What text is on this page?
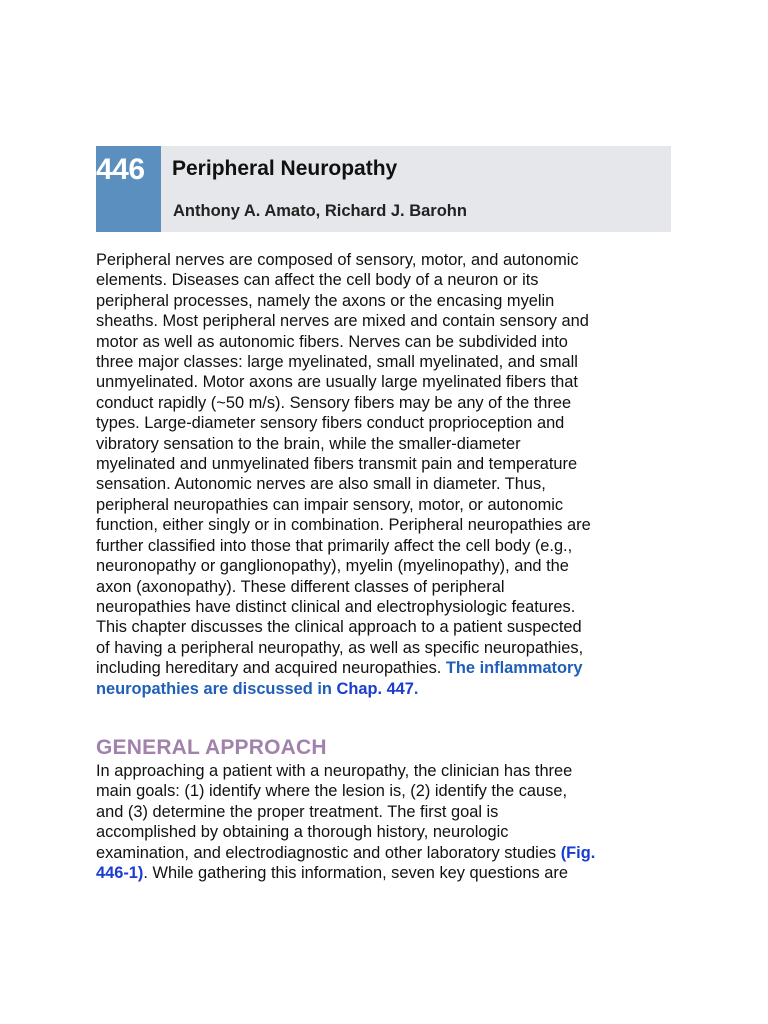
446	Peripheral Neuropathy
Anthony A. Amato, Richard J. Barohn
Peripheral nerves are composed of sensory, motor, and autonomic
elements. Diseases can affect the cell body of a neuron or its
peripheral processes, namely the axons or the encasing myelin
sheaths. Most peripheral nerves are mixed and contain sensory and
motor as well as autonomic fibers. Nerves can be subdivided into
three major classes: large myelinated, small myelinated, and small
unmyelinated. Motor axons are usually large myelinated fibers that
conduct rapidly (~50 m/s). Sensory fibers may be any of the three
types. Large-diameter sensory fibers conduct proprioception and
vibratory sensation to the brain, while the smaller-diameter
myelinated and unmyelinated fibers transmit pain and temperature
sensation. Autonomic nerves are also small in diameter. Thus,
peripheral neuropathies can impair sensory, motor, or autonomic
function, either singly or in combination. Peripheral neuropathies are
further classified into those that primarily affect the cell body (e.g.,
neuronopathy or ganglionopathy), myelin (myelinopathy), and the
axon (axonopathy). These different classes of peripheral
neuropathies have distinct clinical and electrophysiologic features.
This chapter discusses the clinical approach to a patient suspected
of having a peripheral neuropathy, as well as specific neuropathies,
including hereditary and acquired neuropathies. The inflammatory
neuropathies are discussed in Chap. 447.
GENERAL APPROACH
In approaching a patient with a neuropathy, the clinician has three
main goals: (1) identify where the lesion is, (2) identify the cause,
and (3) determine the proper treatment. The first goal is
accomplished by obtaining a thorough history, neurologic
examination, and electrodiagnostic and other laboratory studies (Fig.
446-1). While gathering this information, seven key questions are
